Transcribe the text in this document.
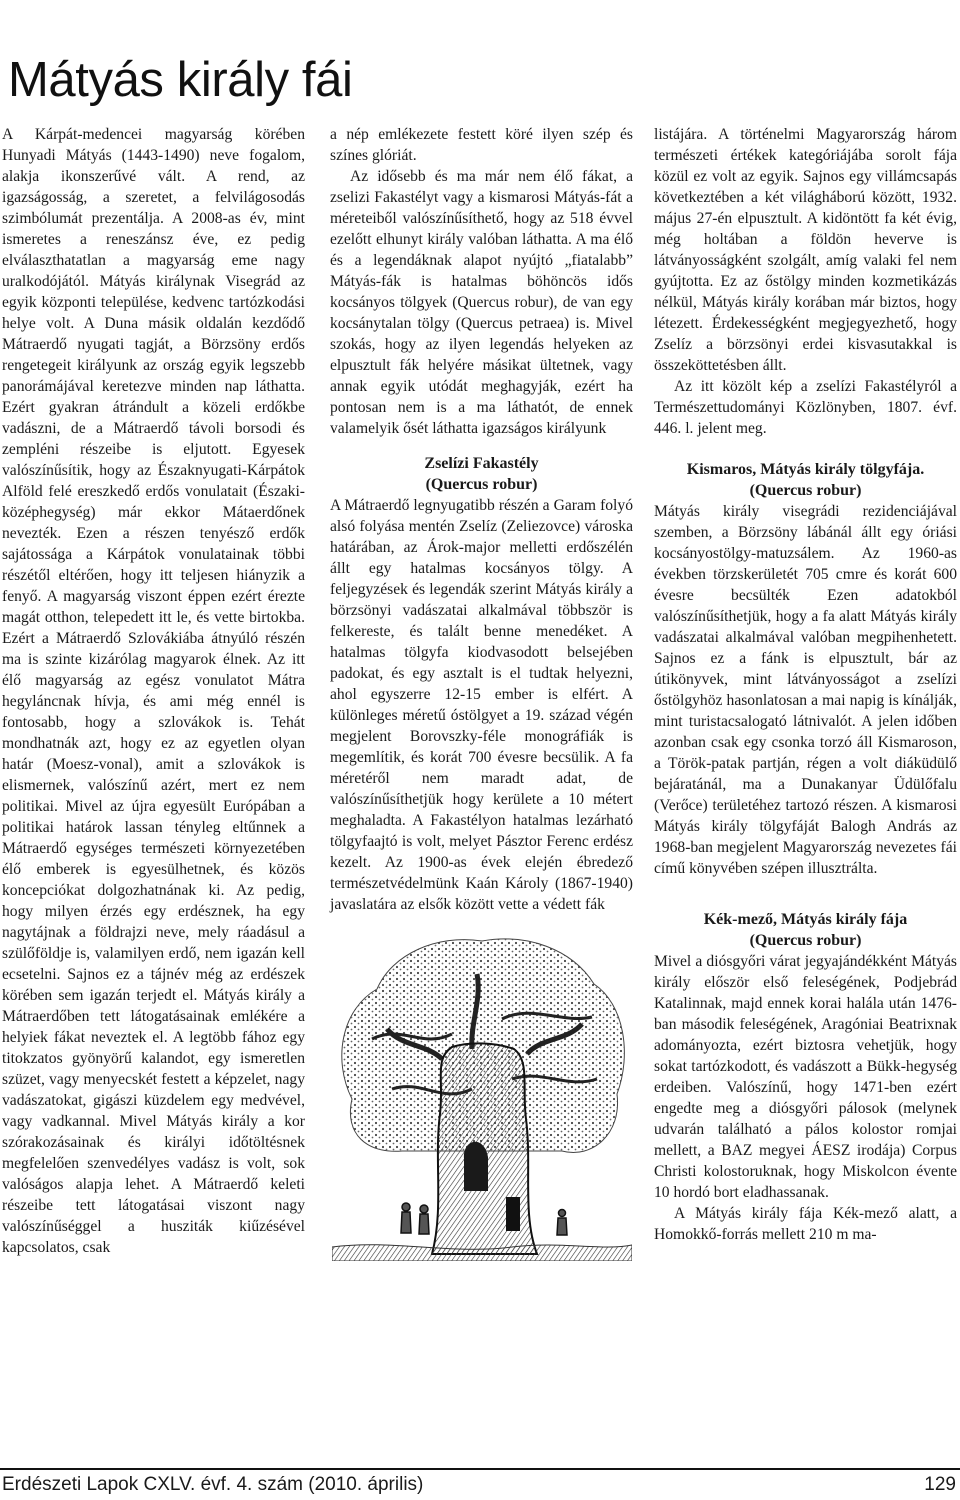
Mátyás király fái

A Kárpát-medencei magyarság körében Hunyadi Mátyás (1443-1490) neve fogalom, alakja ikonszerűvé vált. A rend, az igazságosság, a szeretet, a felvilágosodás szimbólumát prezentálja. A 2008-as év, mint ismeretes a reneszánsz éve, ez pedig elválaszthatatlan a magyarság eme nagy uralkodójától. Mátyás királynak Visegrád az egyik központi települése, kedvenc tartózkodási helye volt. A Duna másik oldalán kezdődő Mátraerdő nyugati tagját, a Börzsöny erdős rengetegeit királyunk az ország egyik legszebb panorámájával keretezve minden nap láthatta. Ezért gyakran átrándult a közeli erdőkbe vadászni, de a Mátraerdő távoli borsodi és zempléni részeibe is eljutott. Egyesek valószínűsítik, hogy az Északnyugati-Kárpátok Alföld felé ereszkedő erdős vonulatait (Északi-középhegység) már ekkor Mátaerdőnek nevezték. Ezen a részen tenyésző erdők sajátossága a Kárpátok vonulatainak többi részétől eltérően, hogy itt teljesen hiányzik a fenyő. A magyarság viszont éppen ezért érezte magát otthon, telepedett itt le, és vette birtokba. Ezért a Mátraerdő Szlovákiába átnyúló részén ma is szinte kizárólag magyarok élnek. Az itt élő magyarság az egész vonulatot Mátra hegyláncnak hívja, és ami még ennél is fontosabb, hogy a szlovákok is. Tehát mondhatnák azt, hogy ez az egyetlen olyan határ (Moesz-vonal), amit a szlovákok is elismernek, valószínű azért, mert ez nem politikai. Mivel az újra egyesült Európában a politikai határok lassan tényleg eltűnnek a Mátraerdő egységes természeti környezetében élő emberek is egyesülhetnek, és közös koncepciókat dolgozhatnának ki. Az pedig, hogy milyen érzés egy erdésznek, ha egy nagytájnak a földrajzi neve, mely ráadásul a szülőföldje is, valamilyen erdő, nem igazán kell ecsetelni. Sajnos ez a tájnév még az erdészek körében sem igazán terjedt el. Mátyás király a Mátraerdőben tett látogatásainak emlékére a helyiek fákat neveztek el. A legtöbb fához egy titokzatos gyönyörű kalandot, egy ismeretlen szüzet, vagy menyecskét festett a képzelet, nagy vadászatokat, gigászi küzdelem egy medvével, vagy vadkannal. Mivel Mátyás király a kor szórakozásainak és királyi időtöltésnek megfelelően szenvedélyes vadász is volt, sok valóságos alapja lehet. A Mátraerdő keleti részeibe tett látogatásai viszont nagy valószínűséggel a husziták kiűzésével kapcsolatos, csak

a nép emlékezete festett köré ilyen szép és színes glóriát.

Az idősebb és ma már nem élő fákat, a zselizi Fakastélyt vagy a kismarosi Mátyás-fát a méreteiből valószínűsíthető, hogy az 518 évvel ezelőtt elhunyt király valóban láthatta. A ma élő és a legendáknak alapot nyújtó „fiatalabb” Mátyás-fák is hatalmas böhöncös idős kocsányos tölgyek (Quercus robur), de van egy kocsánytalan tölgy (Quercus petraea) is. Mivel szokás, hogy az ilyen legendás helyeken az elpusztult fák helyére másikat ültetnek, vagy annak egyik utódát meghagyják, ezért ha pontosan nem is a ma láthatót, de ennek valamelyik ősét láthatta igazságos királyunk

Zselízi Fakastély
(Quercus robur)

A Mátraerdő legnyugatibb részén a Garam folyó alsó folyása mentén Zselíz (Zeliezovce) városka határában, az Árok-major melletti erdőszélén állt egy hatalmas kocsányos tölgy. A feljegyzések és legendák szerint Mátyás király a börzsönyi vadászatai alkalmával többször is felkereste, és talált benne menedéket. A hatalmas tölgyfa kiodvasodott belsejében padokat, és egy asztalt is el tudtak helyezni, ahol egyszerre 12-15 ember is elfért. A különleges méretű óstölgyet a 19. század végén megjelent Borovszky-féle monográfiák is megemlítik, és korát 700 évesre becsülik. A fa méretéről nem maradt adat, de valószínűsíthetjük hogy kerülete a 10 métert meghaladta. A Fakastélyon hatalmas lezárható tölgyfaajtó is volt, melyet Pásztor Ferenc erdész kezelt. Az 1900-as évek elején ébredező természetvédelmünk Kaán Károly (1867-1940) javaslatára az elsők között vette a védett fák

listájára. A történelmi Magyarország három természeti értékek kategóriájába sorolt fája közül ez volt az egyik. Sajnos egy villámcsapás következtében a két világháború között, 1932. május 27-én elpusztult. A kidöntött fa két évig, még holtában a földön heverve is látványosságként szolgált, amíg valaki fel nem gyújtotta. Ez az őstölgy minden kozmetikázás nélkül, Mátyás király korában már biztos, hogy létezett. Érdekességként megjegyezhető, hogy Zselíz a börzsönyi erdei kisvasutakkal is összeköttetésben állt.

Az itt közölt kép a zselízi Fakastélyról a Természettudományi Közlönyben, 1807. évf. 446. l. jelent meg.

Kismaros, Mátyás király tölgyfája.
(Quercus robur)

Mátyás király visegrádi rezidenciájával szemben, a Börzsöny lábánál állt egy óriási kocsányostölgy-matuzsálem. Az 1960-as években törzskerületét 705 cmre és korát 600 évesre becsülték Ezen adatokból valószínűsíthetjük, hogy a fa alatt Mátyás király vadászatai alkalmával valóban megpihenhetett. Sajnos ez a fánk is elpusztult, bár az útikönyvek, mint látványosságot a zselízi őstölgyhöz hasonlatosan a mai napig is kínálják, mint turistacsalogató látnivalót. A jelen időben azonban csak egy csonka torzó áll Kismaroson, a Török-patak partján, régen a volt diáküdülő bejáratánál, ma a Dunakanyar Üdülőfalu (Verőce) területéhez tartozó részen. A kismarosi Mátyás király tölgyfáját Balogh András az 1968-ban megjelent Magyarország nevezetes fái című könyvében szépen illusztrálta.

Kék-mező, Mátyás király fája
(Quercus robur)

Mivel a diósgyőri várat jegyajándékként Mátyás király először első feleségének, Podjebrád Katalinnak, majd ennek korai halála után 1476-ban második feleségének, Aragóniai Beatrixnak adományozta, ezért biztosra vehetjük, hogy sokat tartózkodott, és vadászott a Bükk-hegység erdeiben. Valószínű, hogy 1471-ben ezért engedte meg a diósgyőri pálosok (melynek udvarán található a pálos kolostor romjai mellett, a BAZ megyei ÁESZ irodája) Corpus Christi kolostoruknak, hogy Miskolcon évente 10 hordó bort eladhassanak.

A Mátyás király fája Kék-mező alatt, a Homokkő-forrás mellett 210 m ma-

Erdészeti Lapok CXLV. évf. 4. szám (2010. április)	129
